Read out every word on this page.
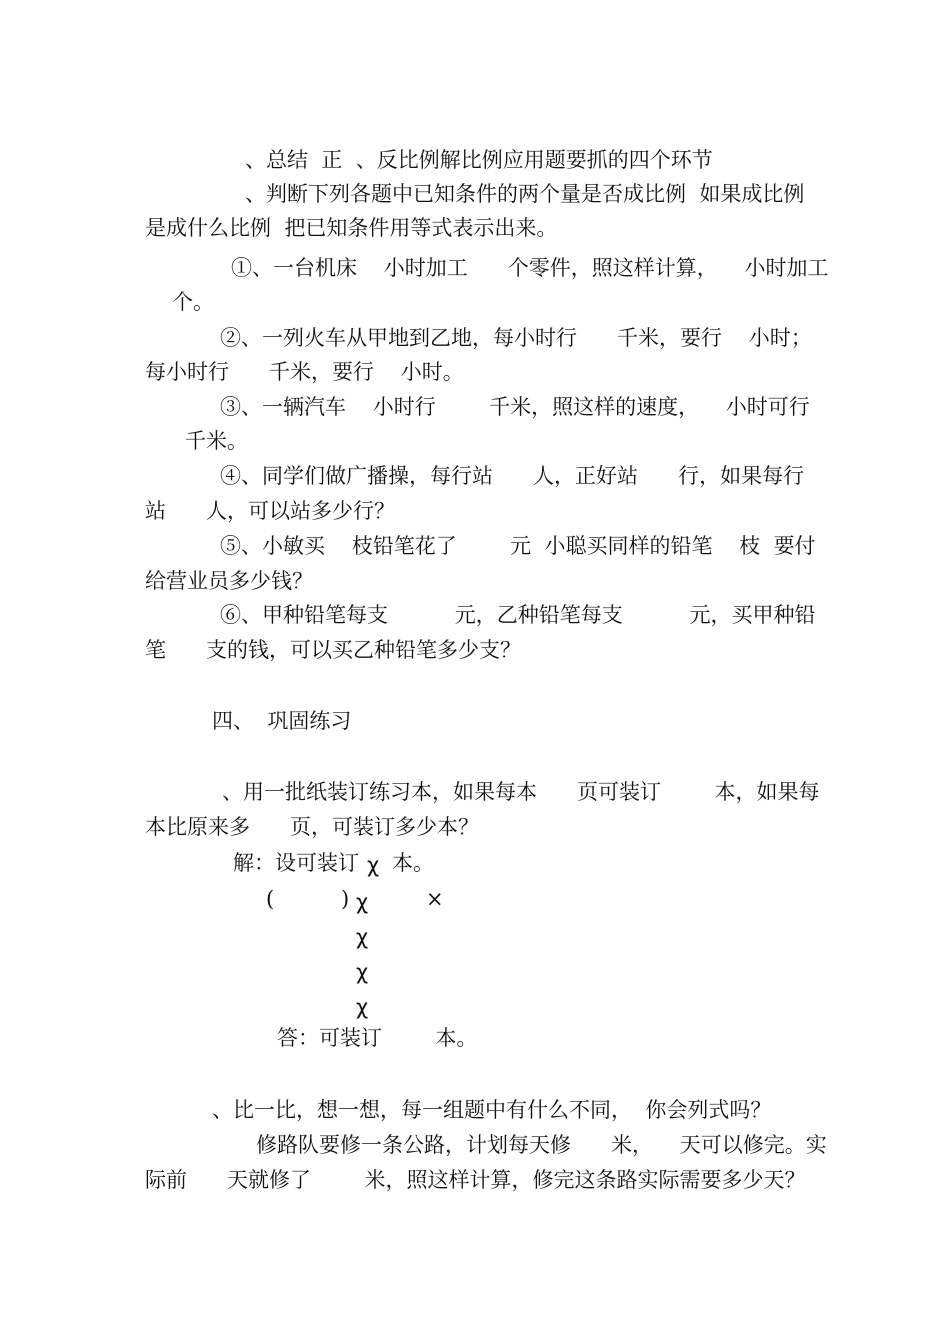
、总结  正  、反比例解比例应用题要抓的四个环节

、判断下列各题中已知条件的两个量是否成比例  如果成比例

是成什么比例  把已知条件用等式表示出来。

①、一台机床    小时加工      个零件，照这样计算，    小时加工

个。

②、一列火车从甲地到乙地，每小时行      千米，要行    小时；

每小时行      千米，要行    小时。

③、一辆汽车    小时行        千米，照这样的速度，    小时可行

千米。

④、同学们做广播操，每行站      人，正好站      行，如果每行

站      人，可以站多少行？

⑤、小敏买    枝铅笔花了        元  小聪买同样的铅笔    枝  要付

给营业员多少钱？

⑥、甲种铅笔每支          元，乙种铅笔每支          元，买甲种铅

笔      支的钱，可以买乙种铅笔多少支？

四、  巩固练习

、用一批纸装订练习本，如果每本      页可装订        本，如果每

本比原来多      页，可装订多少本？

解：设可装订 χ 本。

(          ) χ	×

χ
χ
χ

答：可装订        本。

、比一比，想一想，每一组题中有什么不同，  你会列式吗？

修路队要修一条公路，计划每天修      米，    天可以修完。实

际前      天就修了        米，照这样计算，修完这条路实际需要多少天？
